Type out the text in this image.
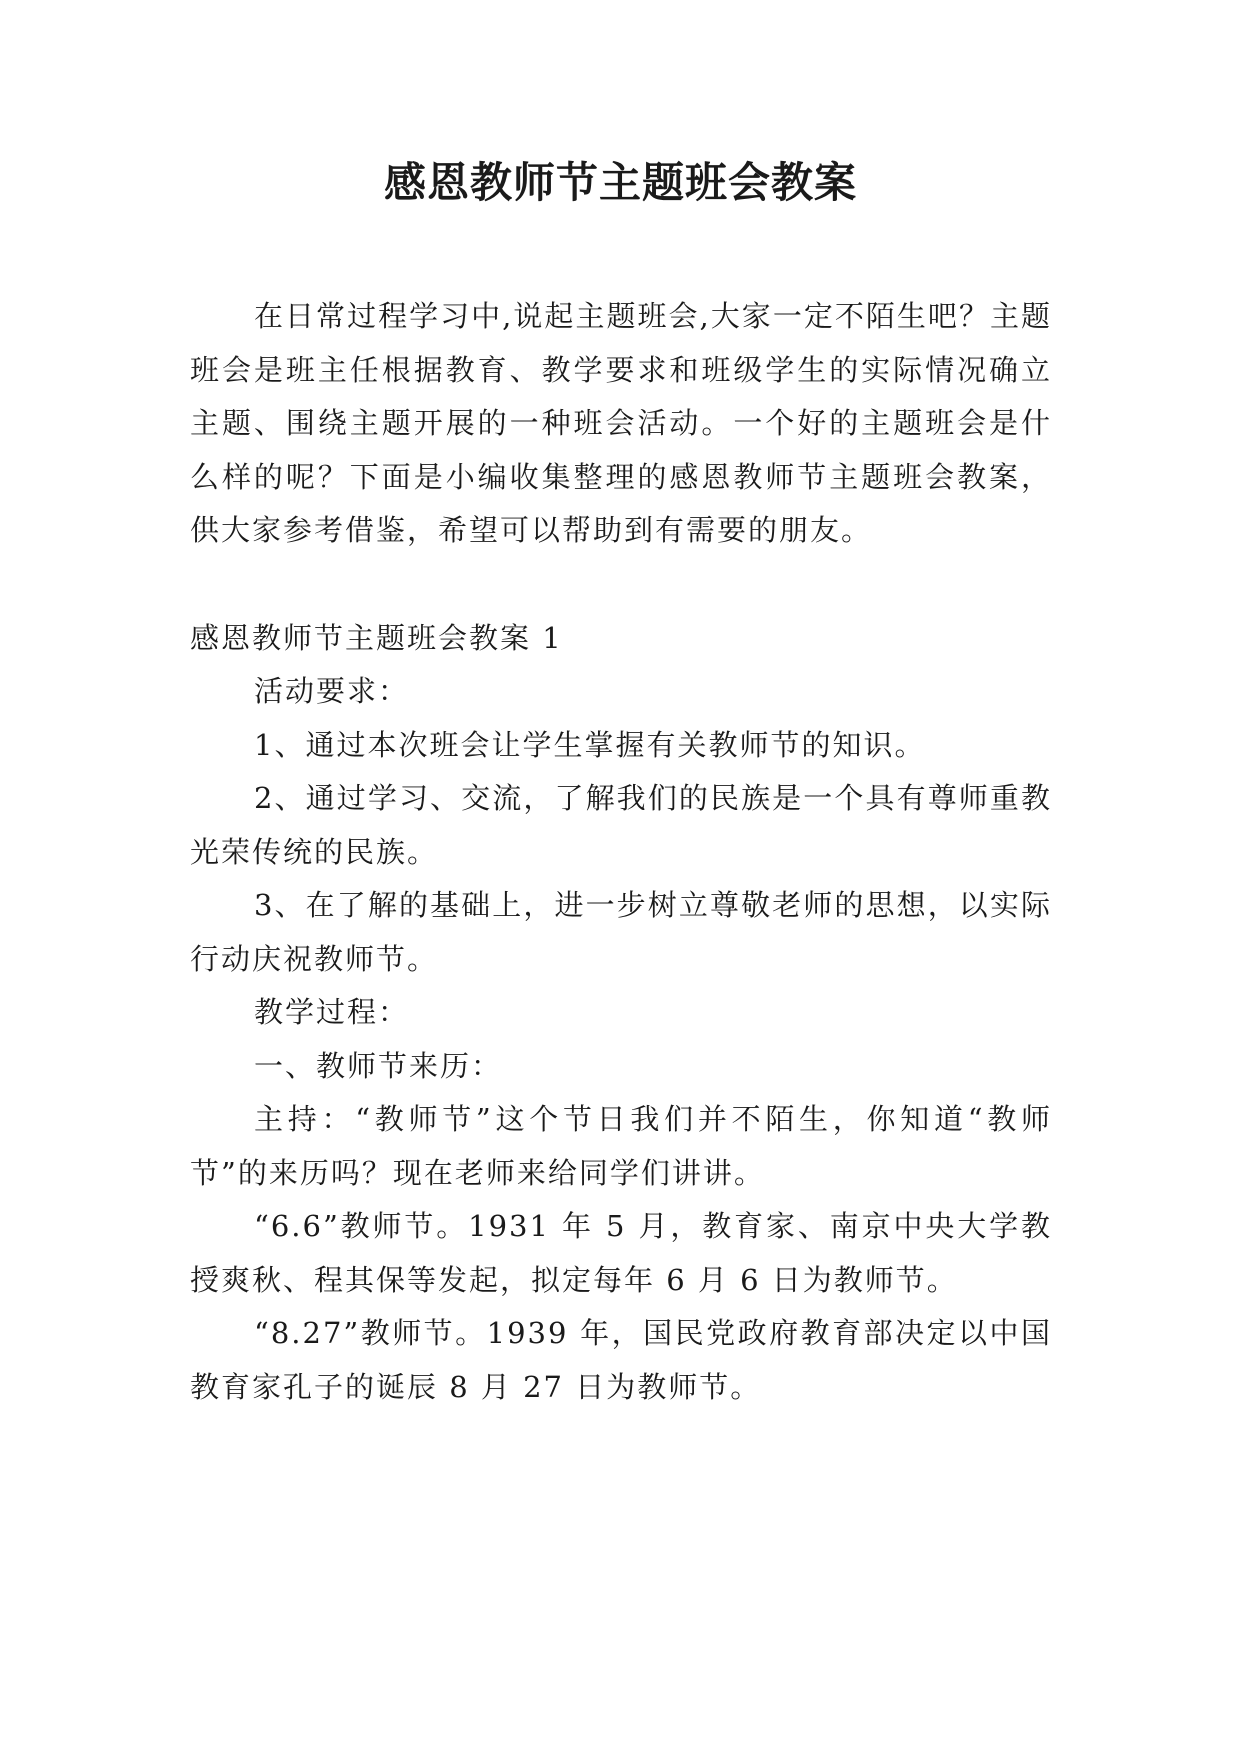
感恩教师节主题班会教案

在日常过程学习中,说起主题班会,大家一定不陌生吧？主题班会是班主任根据教育、教学要求和班级学生的实际情况确立主题、围绕主题开展的一种班会活动。一个好的主题班会是什么样的呢？下面是小编收集整理的感恩教师节主题班会教案，供大家参考借鉴，希望可以帮助到有需要的朋友。

感恩教师节主题班会教案 1

活动要求：

1、通过本次班会让学生掌握有关教师节的知识。

2、通过学习、交流，了解我们的民族是一个具有尊师重教光荣传统的民族。

3、在了解的基础上，进一步树立尊敬老师的思想，以实际行动庆祝教师节。

教学过程：

一、教师节来历：

主持：“教师节”这个节日我们并不陌生，你知道“教师节”的来历吗？现在老师来给同学们讲讲。

“6.6”教师节。1931 年 5 月，教育家、南京中央大学教授爽秋、程其保等发起，拟定每年 6 月 6 日为教师节。

“8.27”教师节。1939 年，国民党政府教育部决定以中国教育家孔子的诞辰 8 月 27 日为教师节。
